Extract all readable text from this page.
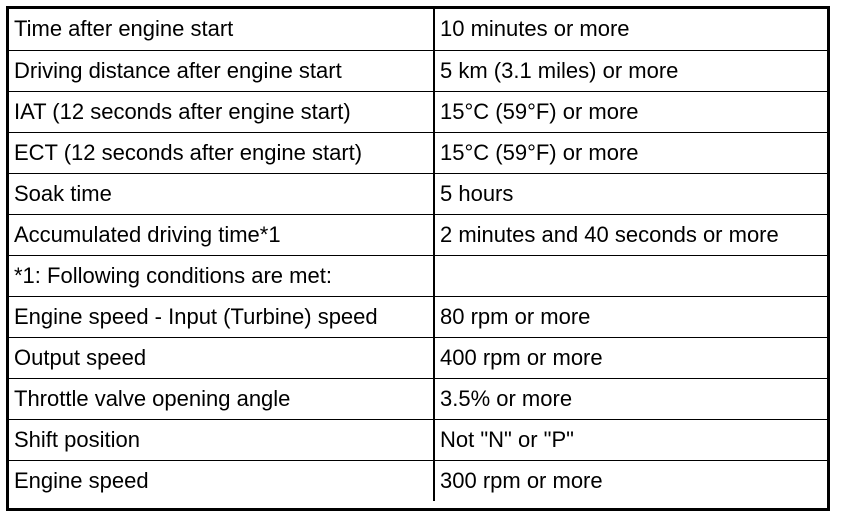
Time after engine start	10 minutes or more
Driving distance after engine start	5 km (3.1 miles) or more
IAT (12 seconds after engine start)	15°C (59°F) or more
ECT (12 seconds after engine start)	15°C (59°F) or more
Soak time	5 hours
Accumulated driving time*1	2 minutes and 40 seconds or more
*1: Following conditions are met:	
Engine speed - Input (Turbine) speed	80 rpm or more
Output speed	400 rpm or more
Throttle valve opening angle	3.5% or more
Shift position	Not "N" or "P"
Engine speed	300 rpm or more
